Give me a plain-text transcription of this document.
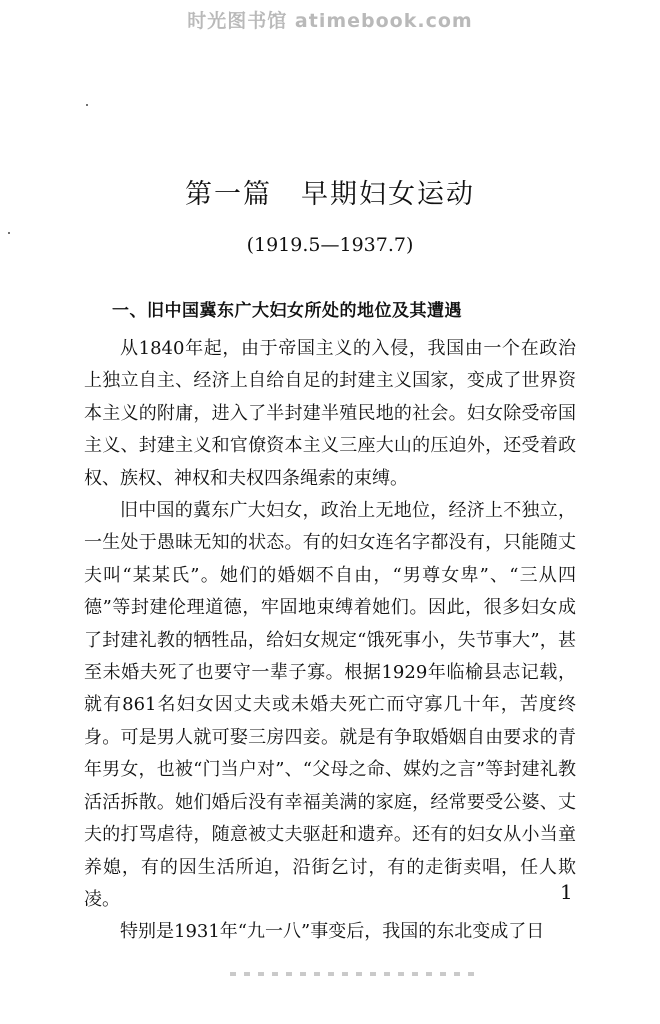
时光图书馆 atimebook.com
第一篇　早期妇女运动
(1919.5—1937.7)
一、旧中国冀东广大妇女所处的地位及其遭遇

从1840年起，由于帝国主义的入侵，我国由一个在政治上独立自主、经济上自给自足的封建主义国家，变成了世界资本主义的附庸，进入了半封建半殖民地的社会。妇女除受帝国主义、封建主义和官僚资本主义三座大山的压迫外，还受着政权、族权、神权和夫权四条绳索的束缚。

旧中国的冀东广大妇女，政治上无地位，经济上不独立，一生处于愚昧无知的状态。有的妇女连名字都没有，只能随丈夫叫“某某氏”。她们的婚姻不自由，“男尊女卑”、“三从四德”等封建伦理道德，牢固地束缚着她们。因此，很多妇女成了封建礼教的牺牲品，给妇女规定“饿死事小，失节事大”，甚至未婚夫死了也要守一辈子寡。根据1929年临榆县志记载，就有861名妇女因丈夫或未婚夫死亡而守寡几十年，苦度终身。可是男人就可娶三房四妾。就是有争取婚姻自由要求的青年男女，也被“门当户对”、“父母之命、媒妁之言”等封建礼教活活拆散。她们婚后没有幸福美满的家庭，经常要受公婆、丈夫的打骂虐待，随意被丈夫驱赶和遗弃。还有的妇女从小当童养媳，有的因生活所迫，沿街乞讨，有的走街卖唱，任人欺凌。

特别是1931年“九一八”事变后，我国的东北变成了日

1
